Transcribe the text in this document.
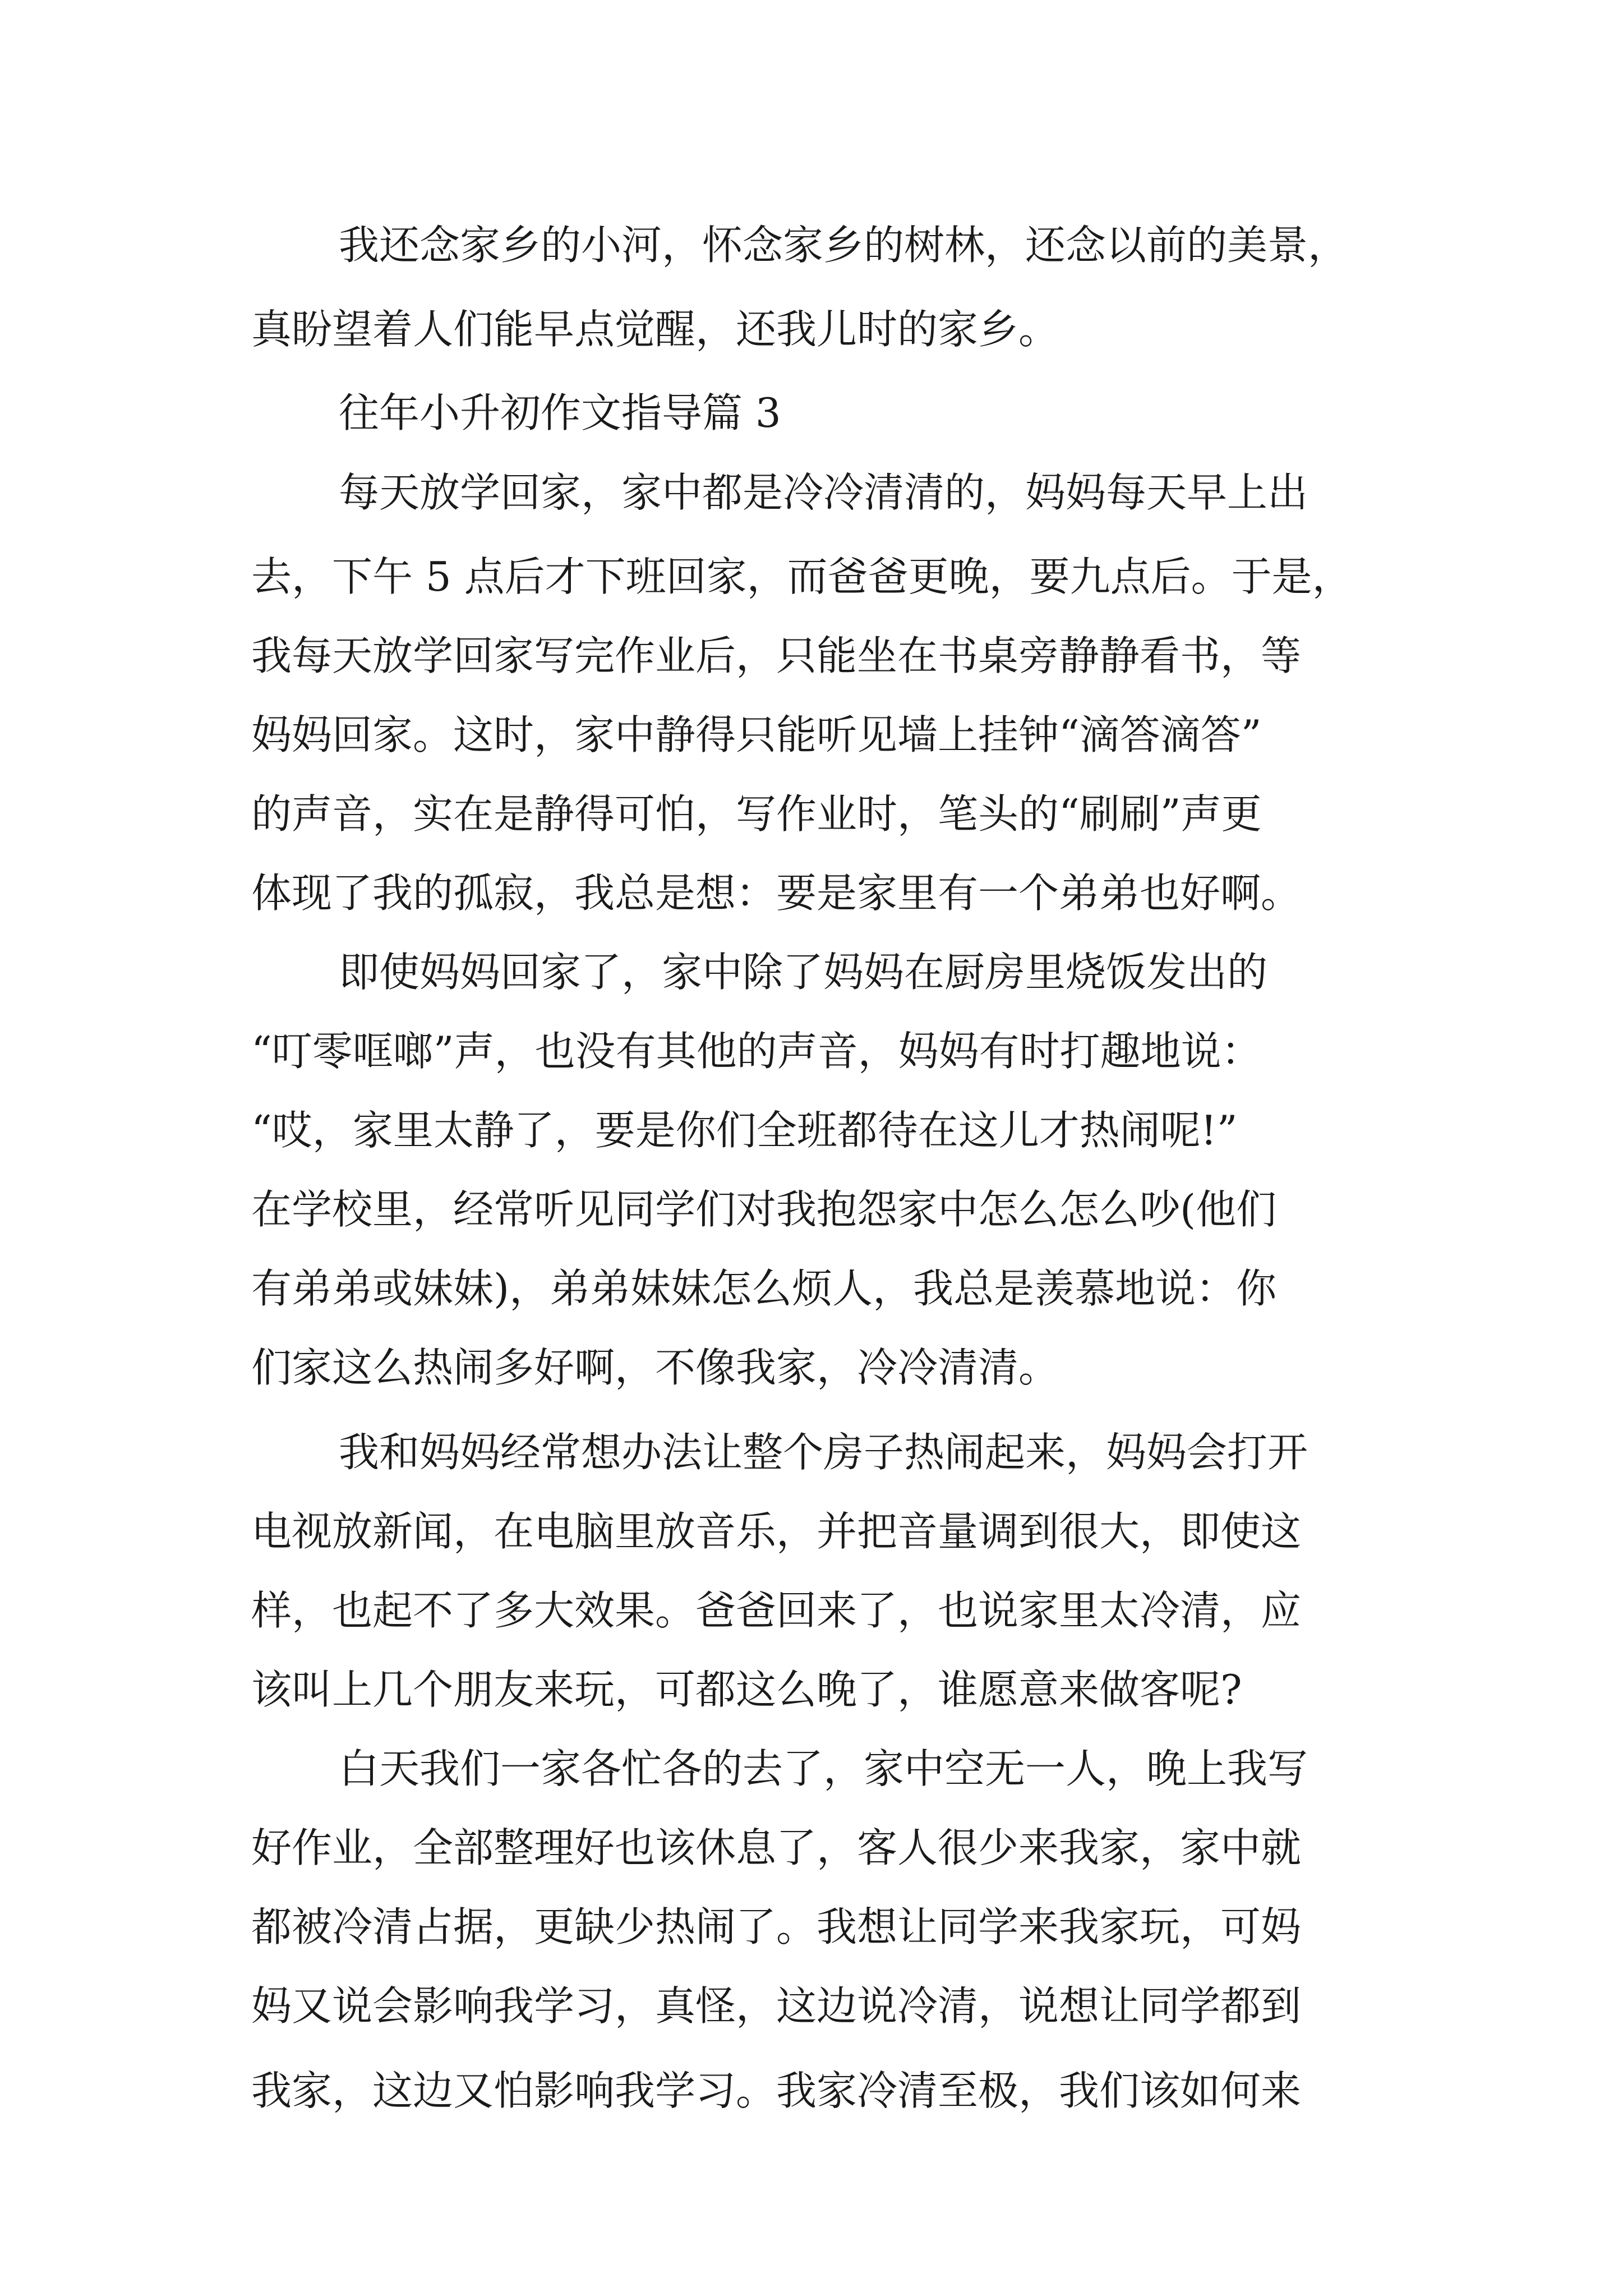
我还念家乡的小河，怀念家乡的树林，还念以前的美景，
真盼望着人们能早点觉醒，还我儿时的家乡。
往年小升初作文指导篇 3
每天放学回家，家中都是冷冷清清的，妈妈每天早上出
去，下午 5 点后才下班回家，而爸爸更晚，要九点后。于是，
我每天放学回家写完作业后，只能坐在书桌旁静静看书，等
妈妈回家。这时，家中静得只能听见墙上挂钟“滴答滴答”
的声音，实在是静得可怕，写作业时，笔头的“刷刷”声更
体现了我的孤寂，我总是想：要是家里有一个弟弟也好啊。
即使妈妈回家了，家中除了妈妈在厨房里烧饭发出的
“叮零哐啷”声，也没有其他的声音，妈妈有时打趣地说：
“哎，家里太静了，要是你们全班都待在这儿才热闹呢!”
在学校里，经常听见同学们对我抱怨家中怎么怎么吵(他们
有弟弟或妹妹)，弟弟妹妹怎么烦人，我总是羡慕地说：你
们家这么热闹多好啊，不像我家，冷冷清清。
我和妈妈经常想办法让整个房子热闹起来，妈妈会打开
电视放新闻，在电脑里放音乐，并把音量调到很大，即使这
样，也起不了多大效果。爸爸回来了，也说家里太冷清，应
该叫上几个朋友来玩，可都这么晚了，谁愿意来做客呢?
白天我们一家各忙各的去了，家中空无一人，晚上我写
好作业，全部整理好也该休息了，客人很少来我家，家中就
都被冷清占据，更缺少热闹了。我想让同学来我家玩，可妈
妈又说会影响我学习，真怪，这边说冷清，说想让同学都到
我家，这边又怕影响我学习。我家冷清至极，我们该如何来
